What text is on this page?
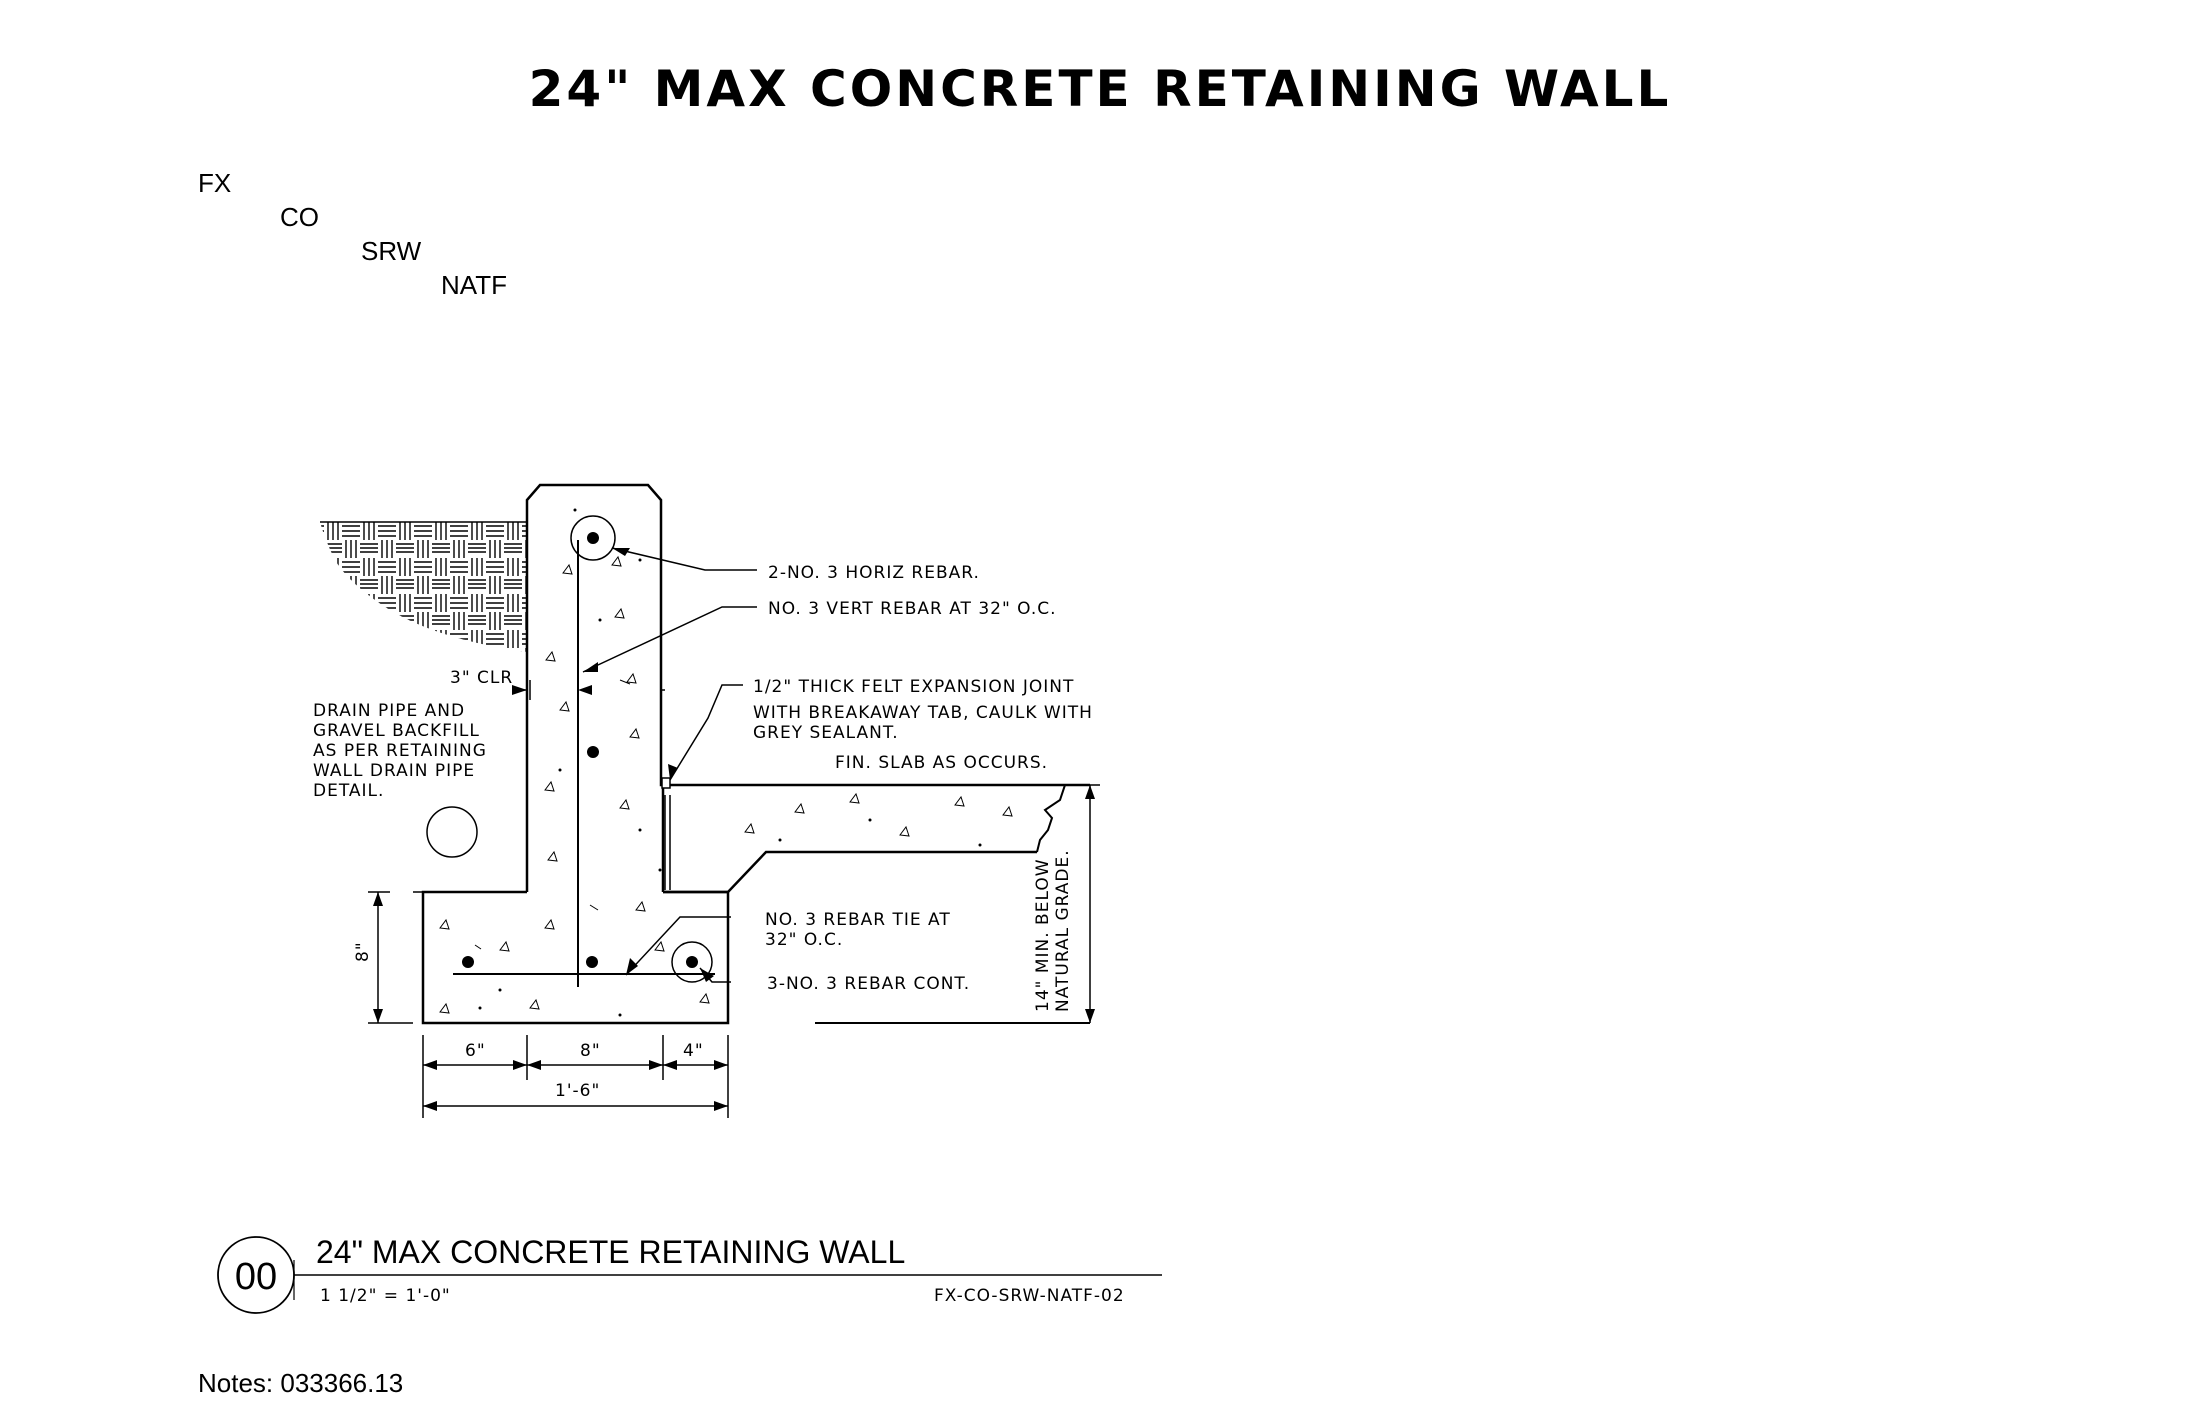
24" MAX CONCRETE RETAINING WALL
FX
CO
SRW
NATF
2-NO. 3 HORIZ REBAR.
NO. 3 VERT REBAR AT 32" O.C.
3" CLR	1/2" THICK FELT EXPANSION JOINT
WITH BREAKAWAY TAB, CAULK WITH
GREY SEALANT.
FIN. SLAB AS OCCURS.
DRAIN PIPE AND
GRAVEL BACKFILL
AS PER RETAINING
WALL DRAIN PIPE
DETAIL.
NO. 3 REBAR TIE AT
32" O.C.
3-NO. 3 REBAR CONT.	14" MIN. BELOW NATURAL GRADE.
8"
6"	8"	4"
1'-6"
00
24" MAX CONCRETE RETAINING WALL
1 1/2" = 1'-0"	FX-CO-SRW-NATF-02
Notes: 033366.13
